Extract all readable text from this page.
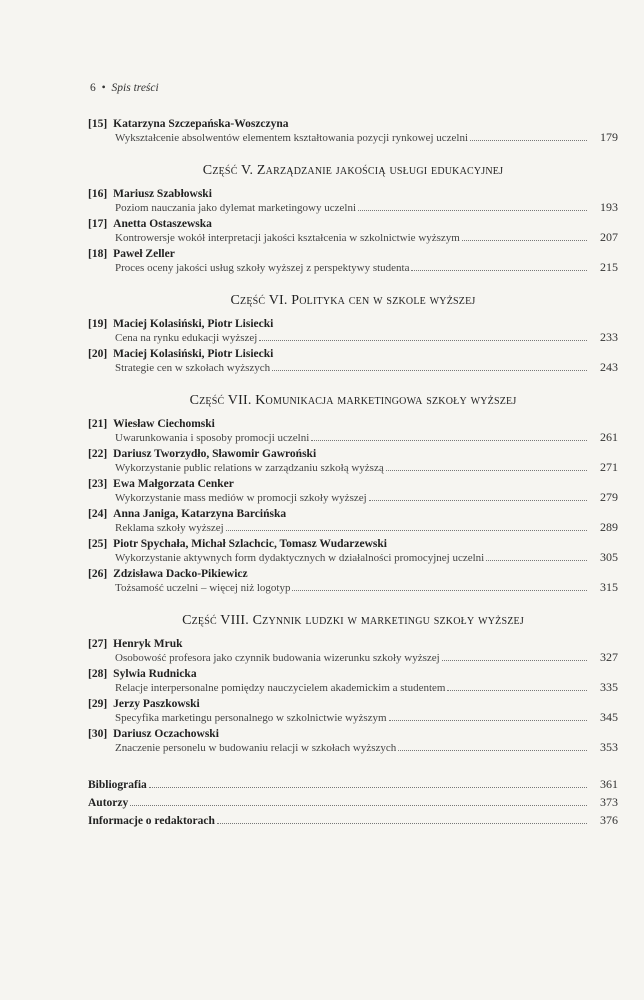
6 • Spis treści
[15] Katarzyna Szczepańska-Woszczyna
Wykształcenie absolwentów elementem kształtowania pozycji rynkowej uczelni	179
Część V. Zarządzanie jakością usługi edukacyjnej
[16] Mariusz Szabłowski
Poziom nauczania jako dylemat marketingowy uczelni	193
[17] Anetta Ostaszewska
Kontrowersje wokół interpretacji jakości kształcenia w szkolnictwie wyższym	207
[18] Paweł Zeller
Proces oceny jakości usług szkoły wyższej z perspektywy studenta	215
Część VI. Polityka cen w szkole wyższej
[19] Maciej Kolasiński, Piotr Lisiecki
Cena na rynku edukacji wyższej	233
[20] Maciej Kolasiński, Piotr Lisiecki
Strategie cen w szkołach wyższych	243
Część VII. Komunikacja marketingowa szkoły wyższej
[21] Wiesław Ciechomski
Uwarunkowania i sposoby promocji uczelni	261
[22] Dariusz Tworzydło, Sławomir Gawroński
Wykorzystanie public relations w zarządzaniu szkołą wyższą	271
[23] Ewa Małgorzata Cenker
Wykorzystanie mass mediów w promocji szkoły wyższej	279
[24] Anna Janiga, Katarzyna Barcińska
Reklama szkoły wyższej	289
[25] Piotr Spychała, Michał Szlachcic, Tomasz Wudarzewski
Wykorzystanie aktywnych form dydaktycznych w działalności promocyjnej uczelni	305
[26] Zdzisława Dacko-Pikiewicz
Tożsamość uczelni – więcej niż logotyp	315
Część VIII. Czynnik ludzki w marketingu szkoły wyższej
[27] Henryk Mruk
Osobowość profesora jako czynnik budowania wizerunku szkoły wyższej	327
[28] Sylwia Rudnicka
Relacje interpersonalne pomiędzy nauczycielem akademickim a studentem	335
[29] Jerzy Paszkowski
Specyfika marketingu personalnego w szkolnictwie wyższym	345
[30] Dariusz Oczachowski
Znaczenie personelu w budowaniu relacji w szkołach wyższych	353
Bibliografia	361
Autorzy	373
Informacje o redaktorach	376
